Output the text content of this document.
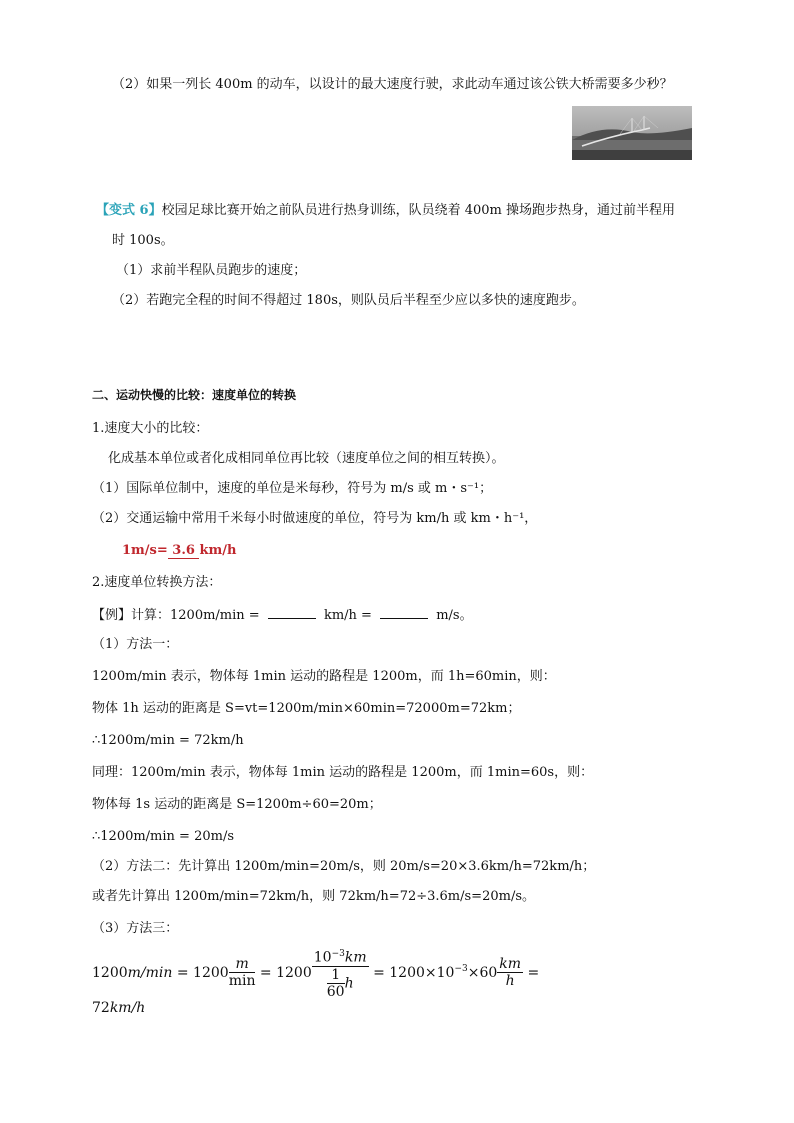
（2）如果一列长 400m 的动车，以设计的最大速度行驶，求此动车通过该公铁大桥需要多少秒？
【变式 6】校园足球比赛开始之前队员进行热身训练，队员绕着 400m 操场跑步热身，通过前半程用
时 100s。
（1）求前半程队员跑步的速度；
（2）若跑完全程的时间不得超过 180s，则队员后半程至少应以多快的速度跑步。
二、运动快慢的比较：速度单位的转换
1.速度大小的比较：
化成基本单位或者化成相同单位再比较（速度单位之间的相互转换）。
（1）国际单位制中，速度的单位是米每秒，符号为 m/s 或 m・s⁻¹；
（2）交通运输中常用千米每小时做速度的单位，符号为 km/h 或 km・h⁻¹，
1m/s= 3.6 km/h
2.速度单位转换方法：
【例】计算：1200m/min =	km/h =	m/s。
（1）方法一：
1200m/min 表示，物体每 1min 运动的路程是 1200m，而 1h=60min，则：
物体 1h 运动的距离是 S=vt=1200m/min×60min=72000m=72km；
∴1200m/min = 72km/h
同理：1200m/min 表示，物体每 1min 运动的路程是 1200m，而 1min=60s，则：
物体每 1s 运动的距离是 S=1200m÷60=20m；
∴1200m/min = 20m/s
（2）方法二：先计算出 1200m/min=20m/s，则 20m/s=20×3.6km/h=72km/h；
或者先计算出 1200m/min=72km/h，则 72km/h=72÷3.6m/s=20m/s。
（3）方法三：
$1200m/\min = 1200 \frac{m}{\min} = 1200 \frac{10^{-3}km}{\frac{1}{60} h} = 1200\times 10^{-3}\times 60 \frac{km}{h} = 72km/h$
